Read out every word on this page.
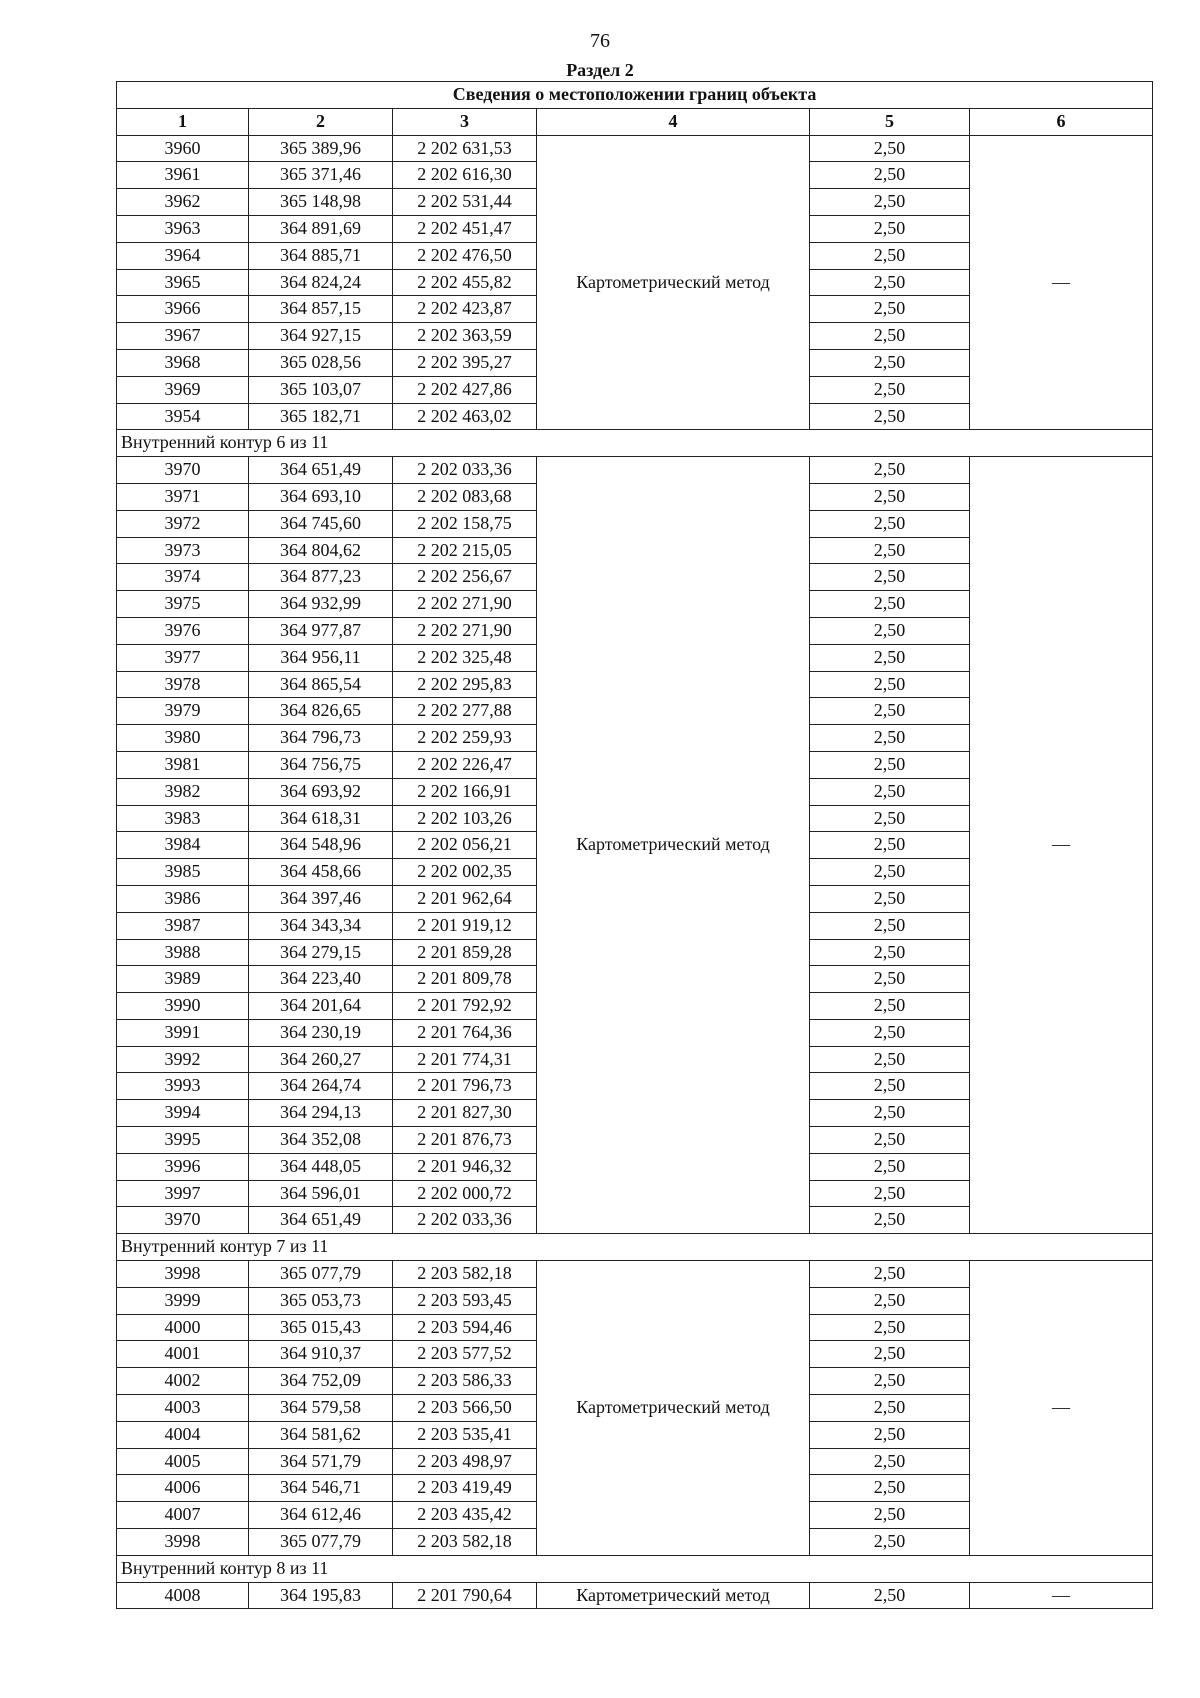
76
Раздел 2
Сведения о местоположении границ объекта					
1	2	3	4	5	6
3960	365 389,96	2 202 631,53	Картометрический метод	2,50	—
3961	365 371,46	2 202 616,30		2,50	
3962	365 148,98	2 202 531,44		2,50	
3963	364 891,69	2 202 451,47		2,50	
3964	364 885,71	2 202 476,50		2,50	
3965	364 824,24	2 202 455,82		2,50	
3966	364 857,15	2 202 423,87		2,50	
3967	364 927,15	2 202 363,59		2,50	
3968	365 028,56	2 202 395,27		2,50	
3969	365 103,07	2 202 427,86		2,50	
3954	365 182,71	2 202 463,02		2,50	
Внутренний контур 6 из 11					
3970	364 651,49	2 202 033,36	Картометрический метод	2,50	—
3971	364 693,10	2 202 083,68		2,50	
3972	364 745,60	2 202 158,75		2,50	
3973	364 804,62	2 202 215,05		2,50	
3974	364 877,23	2 202 256,67		2,50	
3975	364 932,99	2 202 271,90		2,50	
3976	364 977,87	2 202 271,90		2,50	
3977	364 956,11	2 202 325,48		2,50	
3978	364 865,54	2 202 295,83		2,50	
3979	364 826,65	2 202 277,88		2,50	
3980	364 796,73	2 202 259,93		2,50	
3981	364 756,75	2 202 226,47		2,50	
3982	364 693,92	2 202 166,91		2,50	
3983	364 618,31	2 202 103,26		2,50	
3984	364 548,96	2 202 056,21		2,50	
3985	364 458,66	2 202 002,35		2,50	
3986	364 397,46	2 201 962,64		2,50	
3987	364 343,34	2 201 919,12		2,50	
3988	364 279,15	2 201 859,28		2,50	
3989	364 223,40	2 201 809,78		2,50	
3990	364 201,64	2 201 792,92		2,50	
3991	364 230,19	2 201 764,36		2,50	
3992	364 260,27	2 201 774,31		2,50	
3993	364 264,74	2 201 796,73		2,50	
3994	364 294,13	2 201 827,30		2,50	
3995	364 352,08	2 201 876,73		2,50	
3996	364 448,05	2 201 946,32		2,50	
3997	364 596,01	2 202 000,72		2,50	
3970	364 651,49	2 202 033,36		2,50	
Внутренний контур 7 из 11					
3998	365 077,79	2 203 582,18	Картометрический метод	2,50	—
3999	365 053,73	2 203 593,45		2,50	
4000	365 015,43	2 203 594,46		2,50	
4001	364 910,37	2 203 577,52		2,50	
4002	364 752,09	2 203 586,33		2,50	
4003	364 579,58	2 203 566,50		2,50	
4004	364 581,62	2 203 535,41		2,50	
4005	364 571,79	2 203 498,97		2,50	
4006	364 546,71	2 203 419,49		2,50	
4007	364 612,46	2 203 435,42		2,50	
3998	365 077,79	2 203 582,18		2,50	
Внутренний контур 8 из 11					
4008	364 195,83	2 201 790,64	Картометрический метод	2,50	—
